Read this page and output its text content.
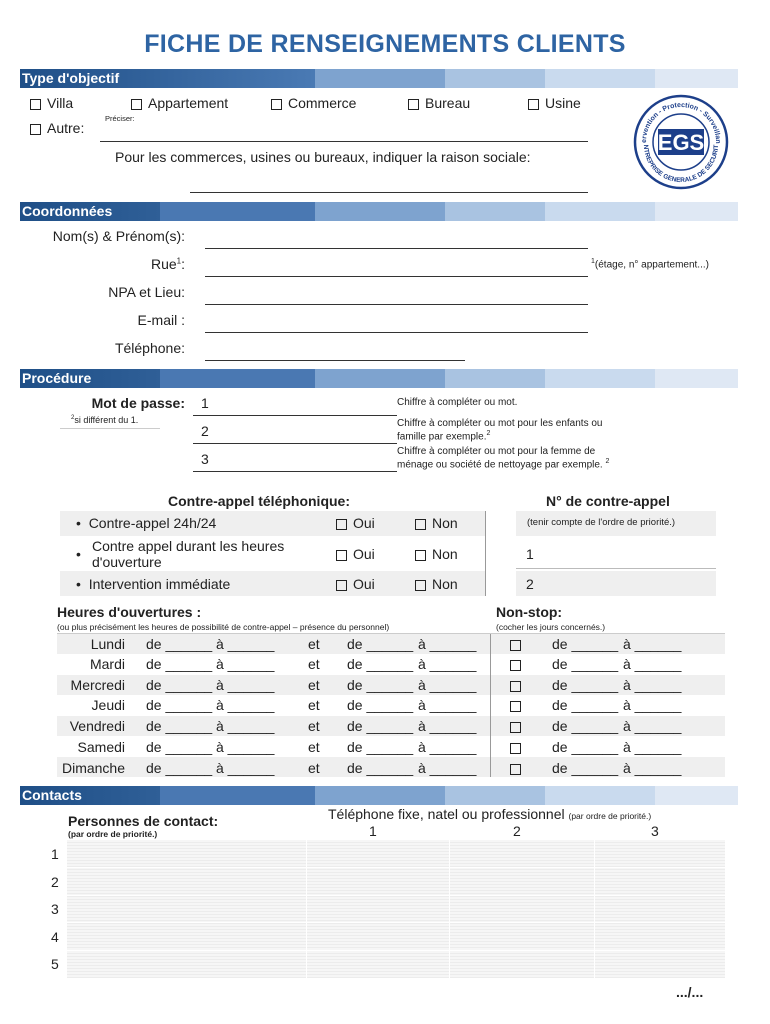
FICHE DE RENSEIGNEMENTS CLIENTS
Type d'objectif
Villa	Appartement	Commerce	Bureau	Usine
Autre:
Préciser:
Pour les commerces, usines ou bureaux, indiquer la raison sociale:
ervention - Protection - Surveillan
NTREPRISE GENERALE DE SECURIT
EGS
Coordonnées
Nom(s) & Prénom(s):
Rue$^1$:	$^1$(étage, n° appartement...)
NPA et Lieu:
E-mail :
Téléphone:
Procédure
Mot de passe:
$^2$si différent du 1.
1
2
3
Chiffre à compléter ou mot.
Chiffre à compléter ou mot pour les enfants ou
famille par exemple.$^2$
Chiffre à compléter ou mot pour la femme de
ménage ou société de nettoyage par exemple. $^2$
Contre-appel téléphonique:	N° de contre-appel
• Contre-appel 24h/24	Oui	Non	(tenir compte de l'ordre de priorité.)
• Contre appel durant les heures
d'ouverture	Oui	Non	1
• Intervention immédiate	Oui	Non	2
Heures d'ouvertures :
(ou plus précisément les heures de possibilité de contre-appel – présence du personnel)
Non-stop:
(cocher les jours concernés.)
Lundi de ______ à ______ et de ______ à ______	de ______ à ______
Mardi de ______ à ______ et de ______ à ______	de ______ à ______
Mercredi de ______ à ______ et de ______ à ______	de ______ à ______
Jeudi de ______ à ______ et de ______ à ______	de ______ à ______
Vendredi de ______ à ______ et de ______ à ______	de ______ à ______
Samedi de ______ à ______ et de ______ à ______	de ______ à ______
Dimanche de ______ à ______ et de ______ à ______	de ______ à ______
Contacts
Personnes de contact:
(par ordre de priorité.)
Téléphone fixe, natel ou professionnel (par ordre de priorité.)
1	2	3
1
2
3
4
5
.../...
